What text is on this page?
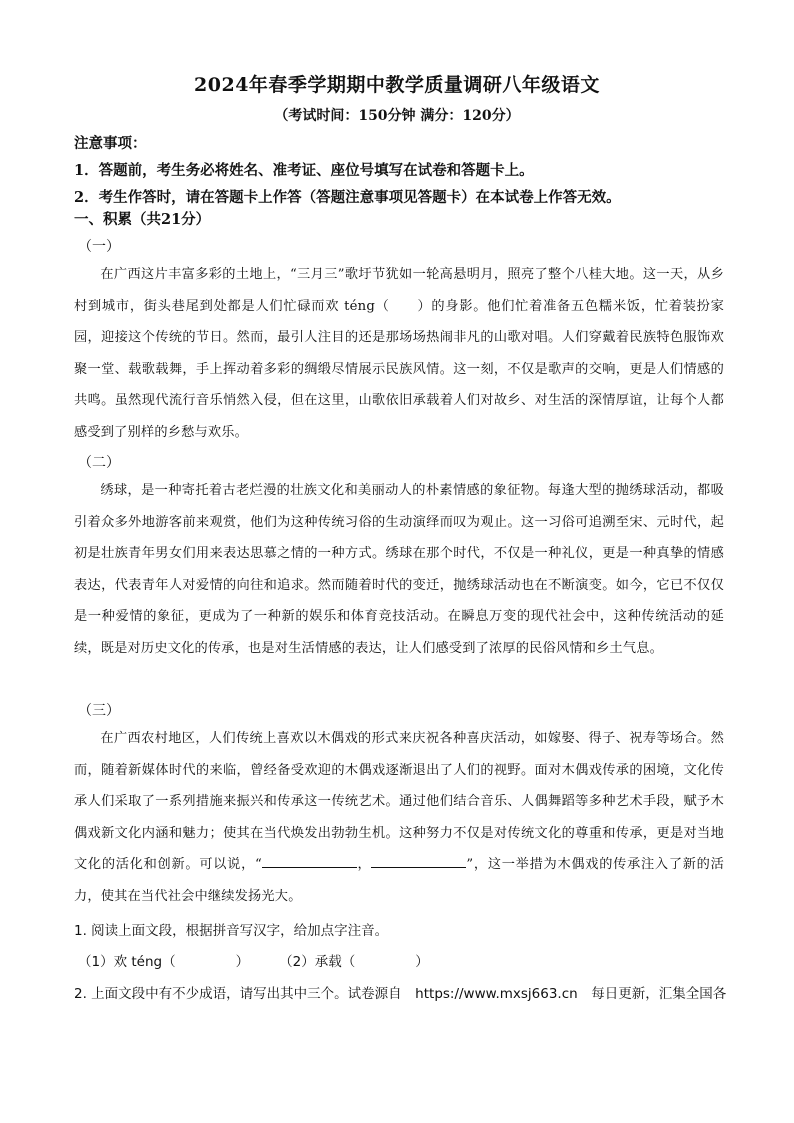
2024年春季学期期中教学质量调研八年级语文
（考试时间：150分钟 满分：120分）
注意事项：
1．答题前，考生务必将姓名、准考证、座位号填写在试卷和答题卡上。
2．考生作答时，请在答题卡上作答（答题注意事项见答题卡）在本试卷上作答无效。
一、积累（共21分）
（一）
在广西这片丰富多彩的土地上，“三月三”歌圩节犹如一轮高悬明月，照亮了整个八桂大地。这一天，从乡村到城市，街头巷尾到处都是人们忙碌而欢 téng（　　）的身影。他们忙着准备五色糯米饭，忙着装扮家园，迎接这个传统的节日。然而，最引人注目的还是那场场热闹非凡的山歌对唱。人们穿戴着民族特色服饰欢聚一堂、载歌载舞，手上挥动着多彩的绸缎尽情展示民族风情。这一刻，不仅是歌声的交响，更是人们情感的共鸣。虽然现代流行音乐悄然入侵，但在这里，山歌依旧承载着人们对故乡、对生活的深情厚谊，让每个人都感受到了别样的乡愁与欢乐。
（二）
绣球，是一种寄托着古老烂漫的壮族文化和美丽动人的朴素情感的象征物。每逢大型的抛绣球活动，都吸引着众多外地游客前来观赏，他们为这种传统习俗的生动演绎而叹为观止。这一习俗可追溯至宋、元时代，起初是壮族青年男女们用来表达思慕之情的一种方式。绣球在那个时代，不仅是一种礼仪，更是一种真挚的情感表达，代表青年人对爱情的向往和追求。然而随着时代的变迁，抛绣球活动也在不断演变。如今，它已不仅仅是一种爱情的象征，更成为了一种新的娱乐和体育竞技活动。在瞬息万变的现代社会中，这种传统活动的延续，既是对历史文化的传承，也是对生活情感的表达，让人们感受到了浓厚的民俗风情和乡土气息。
（三）
在广西农村地区，人们传统上喜欢以木偶戏的形式来庆祝各种喜庆活动，如嫁娶、得子、祝寿等场合。然而，随着新媒体时代的来临，曾经备受欢迎的木偶戏逐渐退出了人们的视野。面对木偶戏传承的困境，文化传承人们采取了一系列措施来振兴和传承这一传统艺术。通过他们结合音乐、人偶舞蹈等多种艺术手段，赋予木偶戏新文化内涵和魅力；使其在当代焕发出勃勃生机。这种努力不仅是对传统文化的尊重和传承，更是对当地文化的活化和创新。可以说，“	，	”，这一举措为木偶戏的传承注入了新的活力，使其在当代社会中继续发扬光大。
1. 阅读上面文段，根据拼音写汉字，给加点字注音。
（1）欢 téng（	） （2）承载（	）
2. 上面文段中有不少成语，请写出其中三个。试卷源自　https://www.mxsj663.cn　每日更新，汇集全国各
